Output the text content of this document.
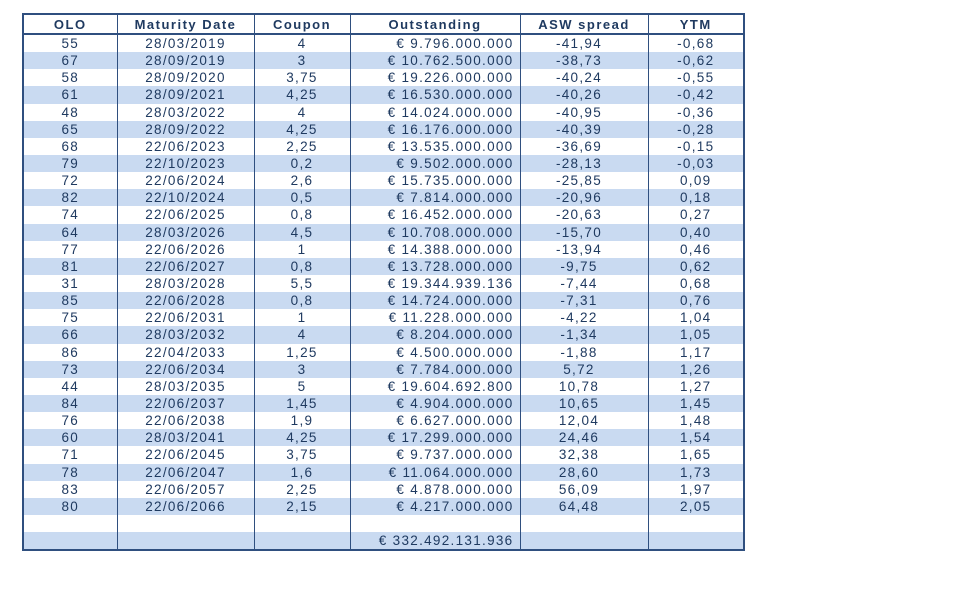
OLO	Maturity Date	Coupon	Outstanding	ASW spread	YTM
55	28/03/2019	4	€ 9.796.000.000	-41,94	-0,68
67	28/09/2019	3	€ 10.762.500.000	-38,73	-0,62
58	28/09/2020	3,75	€ 19.226.000.000	-40,24	-0,55
61	28/09/2021	4,25	€ 16.530.000.000	-40,26	-0,42
48	28/03/2022	4	€ 14.024.000.000	-40,95	-0,36
65	28/09/2022	4,25	€ 16.176.000.000	-40,39	-0,28
68	22/06/2023	2,25	€ 13.535.000.000	-36,69	-0,15
79	22/10/2023	0,2	€ 9.502.000.000	-28,13	-0,03
72	22/06/2024	2,6	€ 15.735.000.000	-25,85	0,09
82	22/10/2024	0,5	€ 7.814.000.000	-20,96	0,18
74	22/06/2025	0,8	€ 16.452.000.000	-20,63	0,27
64	28/03/2026	4,5	€ 10.708.000.000	-15,70	0,40
77	22/06/2026	1	€ 14.388.000.000	-13,94	0,46
81	22/06/2027	0,8	€ 13.728.000.000	-9,75	0,62
31	28/03/2028	5,5	€ 19.344.939.136	-7,44	0,68
85	22/06/2028	0,8	€ 14.724.000.000	-7,31	0,76
75	22/06/2031	1	€ 11.228.000.000	-4,22	1,04
66	28/03/2032	4	€ 8.204.000.000	-1,34	1,05
86	22/04/2033	1,25	€ 4.500.000.000	-1,88	1,17
73	22/06/2034	3	€ 7.784.000.000	5,72	1,26
44	28/03/2035	5	€ 19.604.692.800	10,78	1,27
84	22/06/2037	1,45	€ 4.904.000.000	10,65	1,45
76	22/06/2038	1,9	€ 6.627.000.000	12,04	1,48
60	28/03/2041	4,25	€ 17.299.000.000	24,46	1,54
71	22/06/2045	3,75	€ 9.737.000.000	32,38	1,65
78	22/06/2047	1,6	€ 11.064.000.000	28,60	1,73
83	22/06/2057	2,25	€ 4.878.000.000	56,09	1,97
80	22/06/2066	2,15	€ 4.217.000.000	64,48	2,05

			€ 332.492.131.936		
